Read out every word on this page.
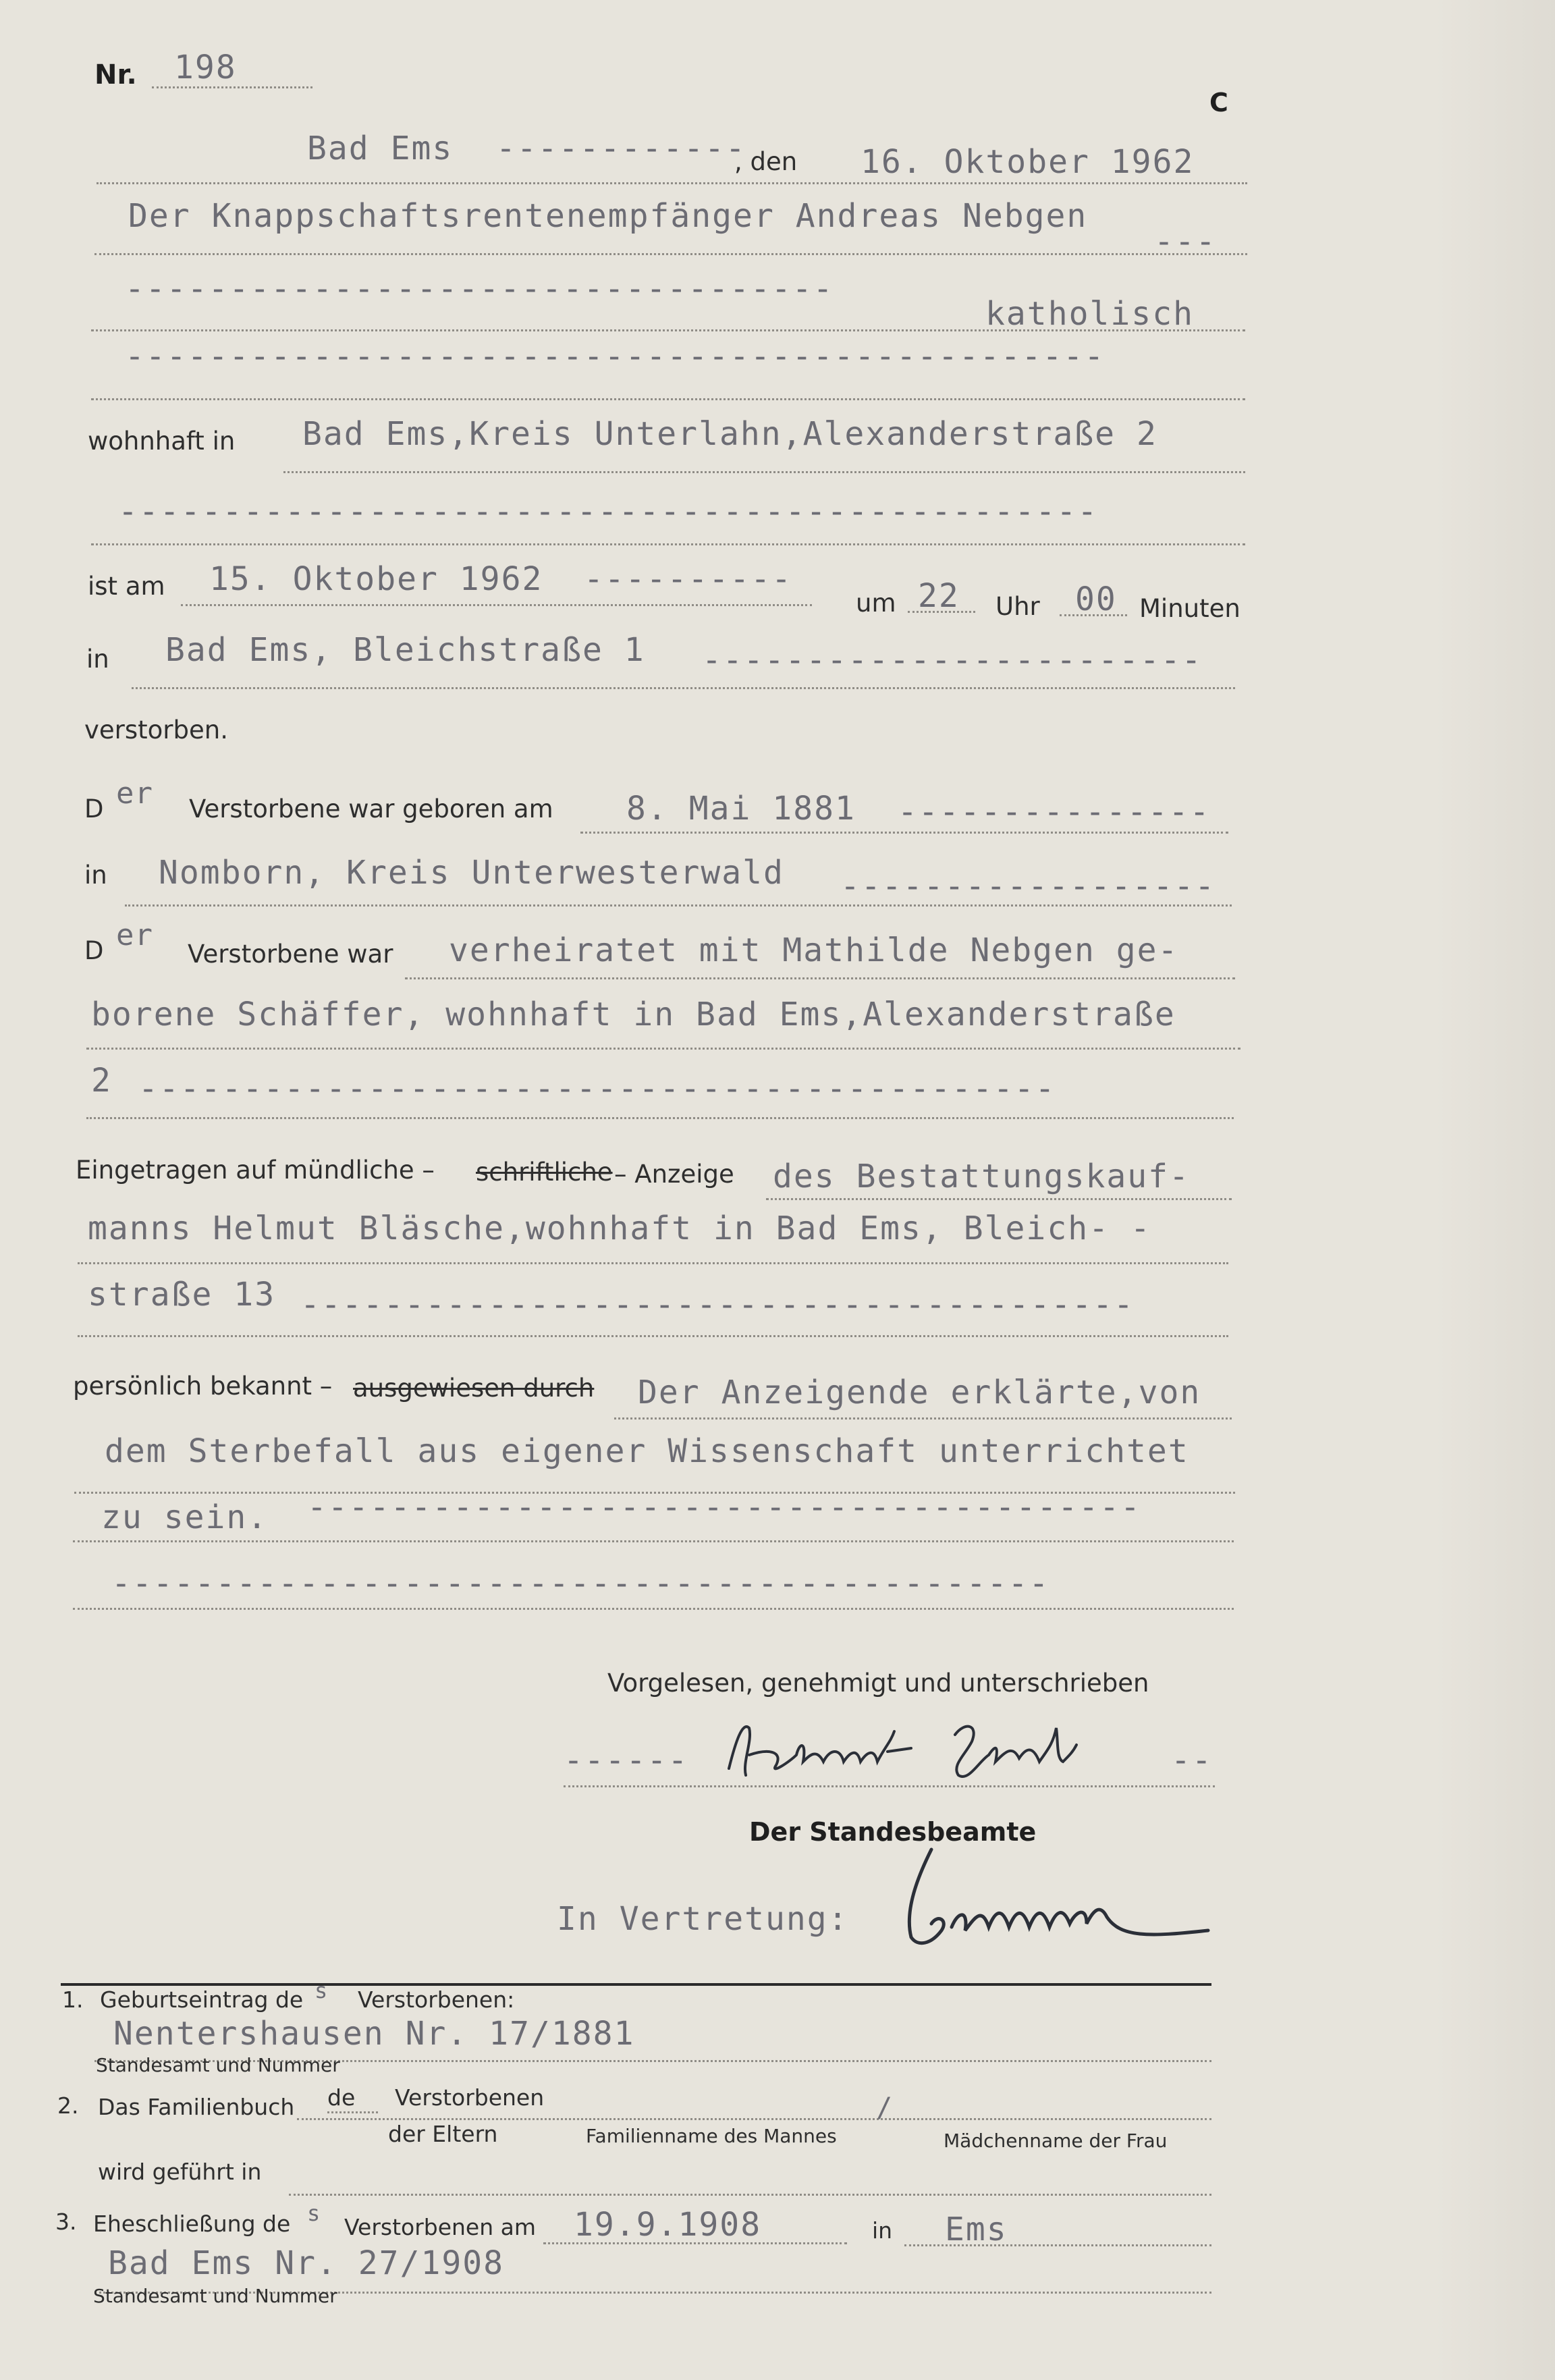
Nr. 198
C
Bad Ems ------------
, den 16. Oktober 1962
Der Knappschaftsrentenempfänger Andreas Nebgen
---
----------------------------------
katholisch
-----------------------------------------------
wohnhaft in Bad Ems,Kreis Unterlahn,Alexanderstraße 2
-----------------------------------------------
ist am 15. Oktober 1962 ----------
um 22 Uhr 00 Minuten
in Bad Ems, Bleichstraße 1 ------------------------
verstorben.
D er Verstorbene war geboren am 8. Mai 1881 ---------------
in Nomborn, Kreis Unterwesterwald ------------------
D er
Verstorbene war verheiratet mit Mathilde Nebgen ge-
borene Schäffer, wohnhaft in Bad Ems,Alexanderstraße
2 --------------------------------------------
Eingetragen auf mündliche – schriftliche – Anzeige des Bestattungskauf-
manns Helmut Bläsche,wohnhaft in Bad Ems, Bleich- -
straße 13 ----------------------------------------
persönlich bekannt – ausgewiesen durch Der Anzeigende erklärte,von
dem Sterbefall aus eigener Wissenschaft unterrichtet
zu sein. ----------------------------------------
---------------------------------------------
Vorgelesen, genehmigt und unterschrieben
------	--
Der Standesbeamte
In Vertretung:
1. Geburtseintrag de s Verstorbenen:
Nentershausen Nr. 17/1881
Standesamt und Nummer
2. Das Familienbuch de Verstorbenen	/
der Eltern	Familienname des Mannes	Mädchenname der Frau
wird geführt in
3. Eheschließung de s
Verstorbenen am 19.9.1908	in Ems
Bad Ems Nr. 27/1908
Standesamt und Nummer
